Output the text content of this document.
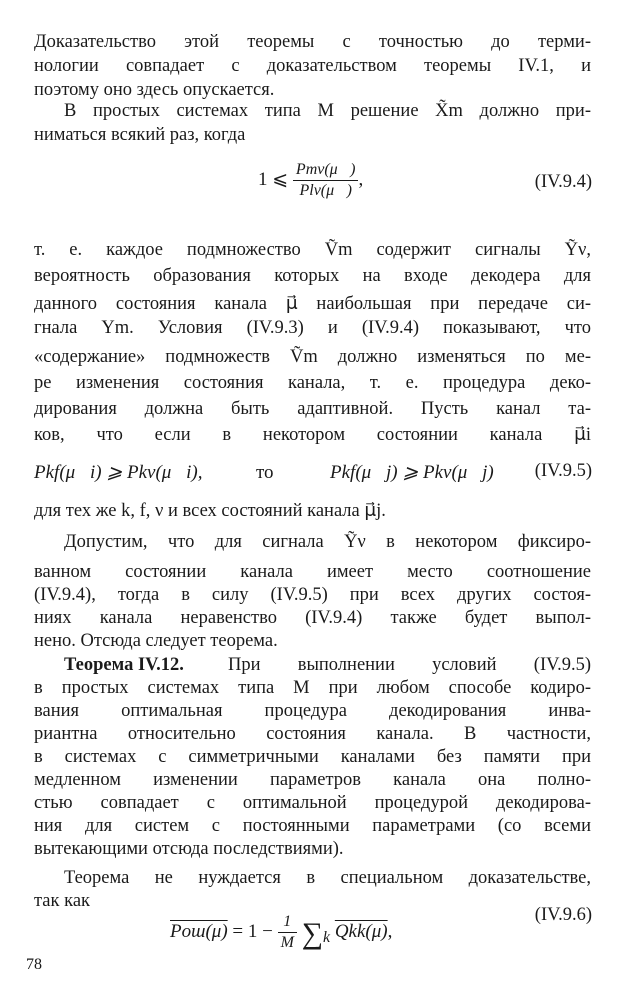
Доказательство этой теоремы с точностью до терми-
нологии совпадает с доказательством теоремы IV.1, и
поэтому оно здесь опускается.
В простых системах типа M решение X̃m должно при-
ниматься всякий раз, когда
1 ⩽ $\frac{\text{Pmν(μ⃗)}}{\text{Plν(μ⃗)}}$ ,	(IV.9.4)
т. е. каждое подмножество Ṽm содержит сигналы Ỹν,
вероятность образования которых на входе декодера для
данного состояния канала μ⃗ наибольшая при передаче си-
гнала Ym. Условия (IV.9.3) и (IV.9.4) показывают, что
«содержание» подмножеств Ṽm должно изменяться по ме-
ре изменения состояния канала, т. е. процедура деко-
дирования должна быть адаптивной. Пусть канал та-
ков, что если в некотором состоянии канала μ⃗i
Pkf(μ⃗i) ⩾ Pkν(μ⃗i),	то	Pkf(μ⃗j) ⩾ Pkν(μ⃗j)	(IV.9.5)
для тех же k, f, ν и всех состояний канала μ⃗j.
Допустим, что для сигнала Ỹν в некотором фиксиро-
ванном состоянии канала имеет место соотношение
(IV.9.4), тогда в силу (IV.9.5) при всех других состоя-
ниях канала неравенство (IV.9.4) также будет выпол-
нено. Отсюда следует теорема.
Теорема IV.12.	При выполнении условий (IV.9.5)
в простых системах типа M при любом способе кодиро-
вания оптимальная процедура декодирования инва-
риантна относительно состояния канала. В частности,
в системах с симметричными каналами без памяти при
медленном изменении параметров канала она полно-
стью совпадает с оптимальной процедурой декодирова-
ния для систем с постоянными параметрами (со всеми
вытекающими отсюда последствиями).
Теорема не нуждается в специальном доказательстве,
так как
$Pош(\mu) = 1 - \frac{1}{M} \sum_k$ Qkk(μ),
(IV.9.6)
78
